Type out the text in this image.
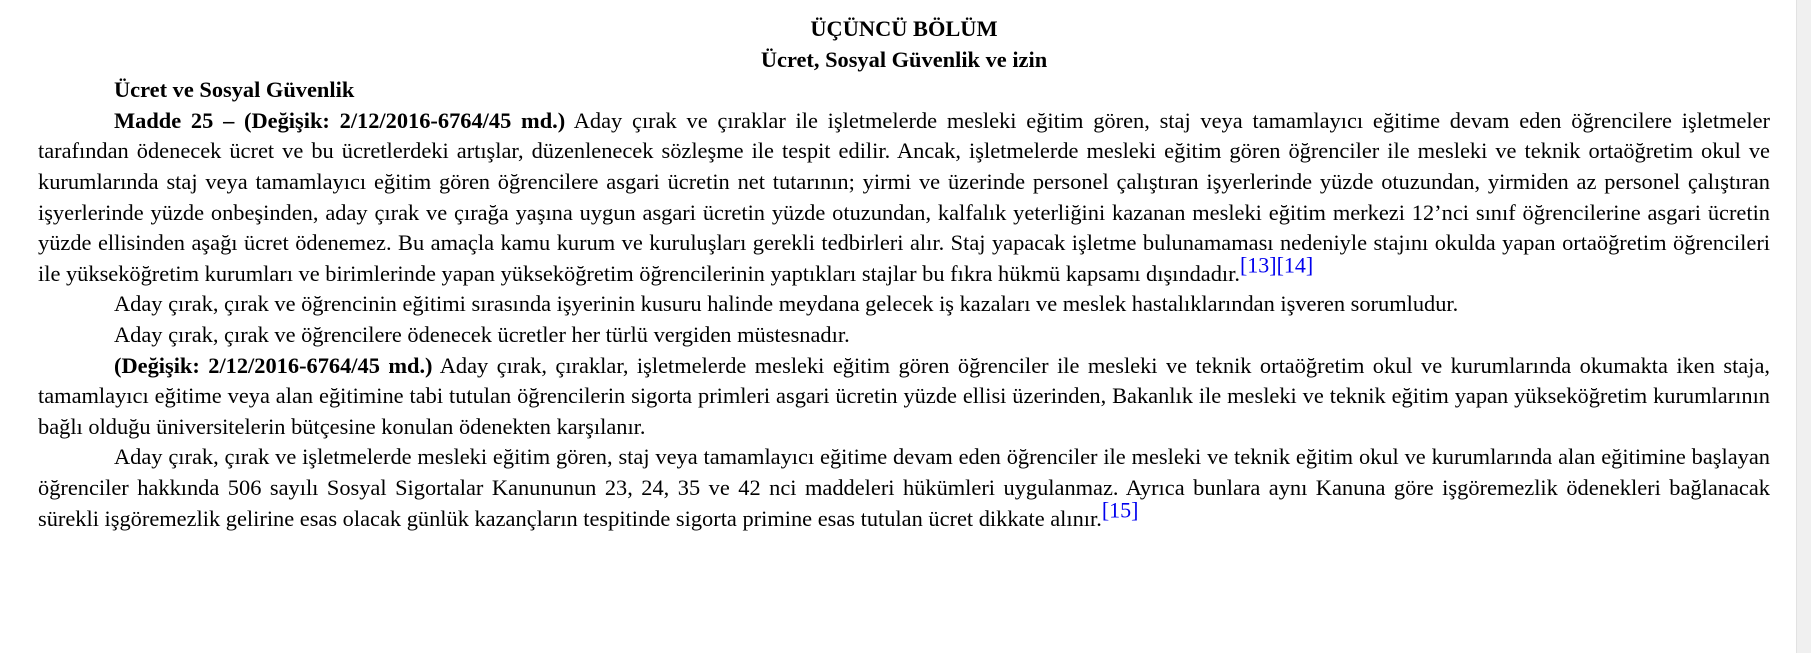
ÜÇÜNCÜ BÖLÜM

Ücret, Sosyal Güvenlik ve izin

Ücret ve Sosyal Güvenlik

Madde 25 – (Değişik: 2/12/2016-6764/45 md.) Aday çırak ve çıraklar ile işletmelerde mesleki eğitim gören, staj veya tamamlayıcı eğitime devam eden öğrencilere işletmeler tarafından ödenecek ücret ve bu ücretlerdeki artışlar, düzenlenecek sözleşme ile tespit edilir. Ancak, işletmelerde mesleki eğitim gören öğrenciler ile mesleki ve teknik ortaöğretim okul ve kurumlarında staj veya tamamlayıcı eğitim gören öğrencilere asgari ücretin net tutarının; yirmi ve üzerinde personel çalıştıran işyerlerinde yüzde otuzundan, yirmiden az personel çalıştıran işyerlerinde yüzde onbeşinden, aday çırak ve çırağa yaşına uygun asgari ücretin yüzde otuzundan, kalfalık yeterliğini kazanan mesleki eğitim merkezi 12’nci sınıf öğrencilerine asgari ücretin yüzde ellisinden aşağı ücret ödenemez. Bu amaçla kamu kurum ve kuruluşları gerekli tedbirleri alır. Staj yapacak işletme bulunamaması nedeniyle stajını okulda yapan ortaöğretim öğrencileri ile yükseköğretim kurumları ve birimlerinde yapan yükseköğretim öğrencilerinin yaptıkları stajlar bu fıkra hükmü kapsamı dışındadır.[13][14]

Aday çırak, çırak ve öğrencinin eğitimi sırasında işyerinin kusuru halinde meydana gelecek iş kazaları ve meslek hastalıklarından işveren sorumludur.

Aday çırak, çırak ve öğrencilere ödenecek ücretler her türlü vergiden müstesnadır.

(Değişik: 2/12/2016-6764/45 md.) Aday çırak, çıraklar, işletmelerde mesleki eğitim gören öğrenciler ile mesleki ve teknik ortaöğretim okul ve kurumlarında okumakta iken staja, tamamlayıcı eğitime veya alan eğitimine tabi tutulan öğrencilerin sigorta primleri asgari ücretin yüzde ellisi üzerinden, Bakanlık ile mesleki ve teknik eğitim yapan yükseköğretim kurumlarının bağlı olduğu üniversitelerin bütçesine konulan ödenekten karşılanır.

Aday çırak, çırak ve işletmelerde mesleki eğitim gören, staj veya tamamlayıcı eğitime devam eden öğrenciler ile mesleki ve teknik eğitim okul ve kurumlarında alan eğitimine başlayan öğrenciler hakkında 506 sayılı Sosyal Sigortalar Kanununun 23, 24, 35 ve 42 nci maddeleri hükümleri uygulanmaz. Ayrıca bunlara aynı Kanuna göre işgöremezlik ödenekleri bağlanacak sürekli işgöremezlik gelirine esas olacak günlük kazançların tespitinde sigorta primine esas tutulan ücret dikkate alınır.[15]
